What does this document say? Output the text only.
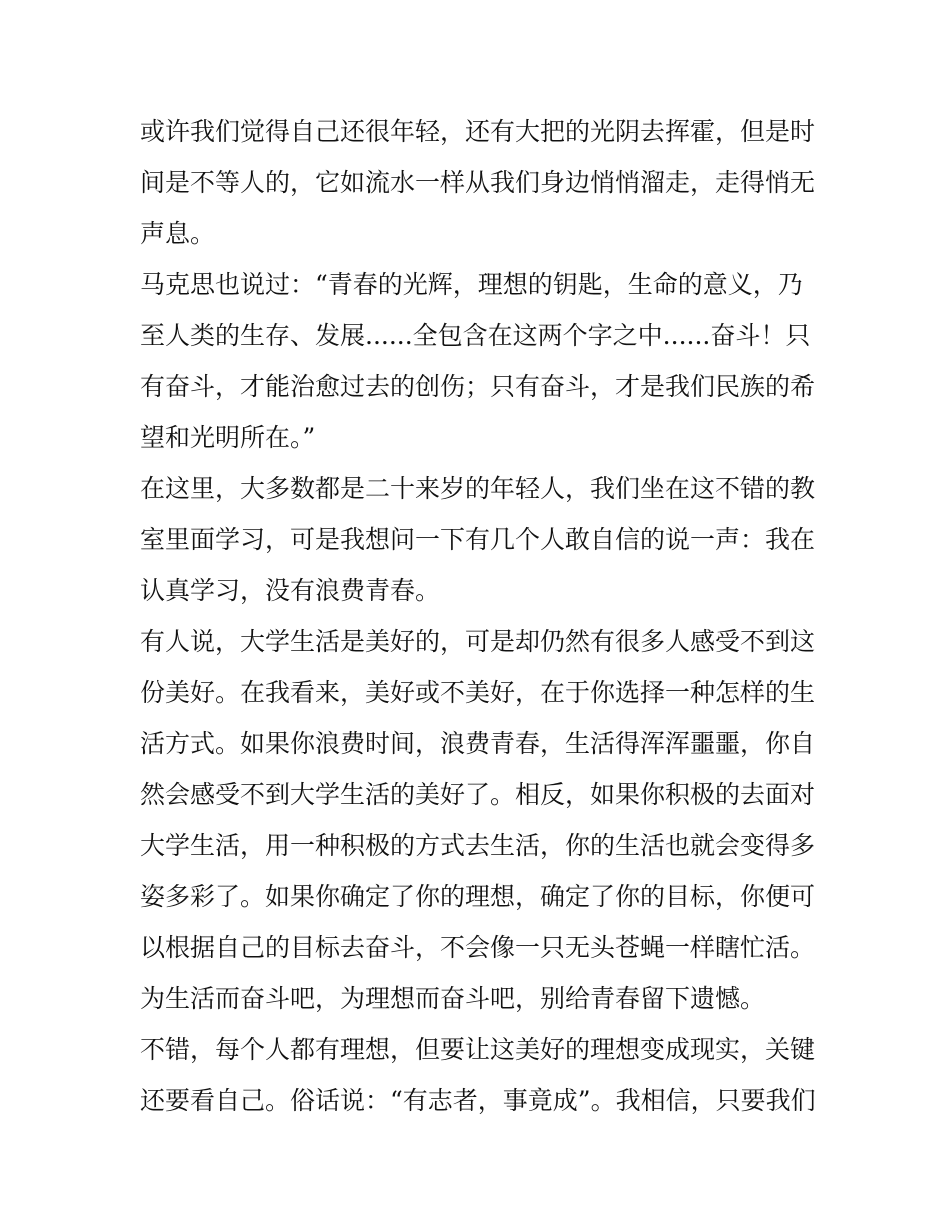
或许我们觉得自己还很年轻，还有大把的光阴去挥霍，但是时
间是不等人的，它如流水一样从我们身边悄悄溜走，走得悄无
声息。
马克思也说过：“青春的光辉，理想的钥匙，生命的意义，乃
至人类的生存、发展......全包含在这两个字之中......奋斗！只
有奋斗，才能治愈过去的创伤；只有奋斗，才是我们民族的希
望和光明所在。”
在这里，大多数都是二十来岁的年轻人，我们坐在这不错的教
室里面学习，可是我想问一下有几个人敢自信的说一声：我在
认真学习，没有浪费青春。
有人说，大学生活是美好的，可是却仍然有很多人感受不到这
份美好。在我看来，美好或不美好，在于你选择一种怎样的生
活方式。如果你浪费时间，浪费青春，生活得浑浑噩噩，你自
然会感受不到大学生活的美好了。相反，如果你积极的去面对
大学生活，用一种积极的方式去生活，你的生活也就会变得多
姿多彩了。如果你确定了你的理想，确定了你的目标，你便可
以根据自己的目标去奋斗，不会像一只无头苍蝇一样瞎忙活。
为生活而奋斗吧，为理想而奋斗吧，别给青春留下遗憾。
不错，每个人都有理想，但要让这美好的理想变成现实，关键
还要看自己。俗话说：“有志者，事竟成”。我相信，只要我们
